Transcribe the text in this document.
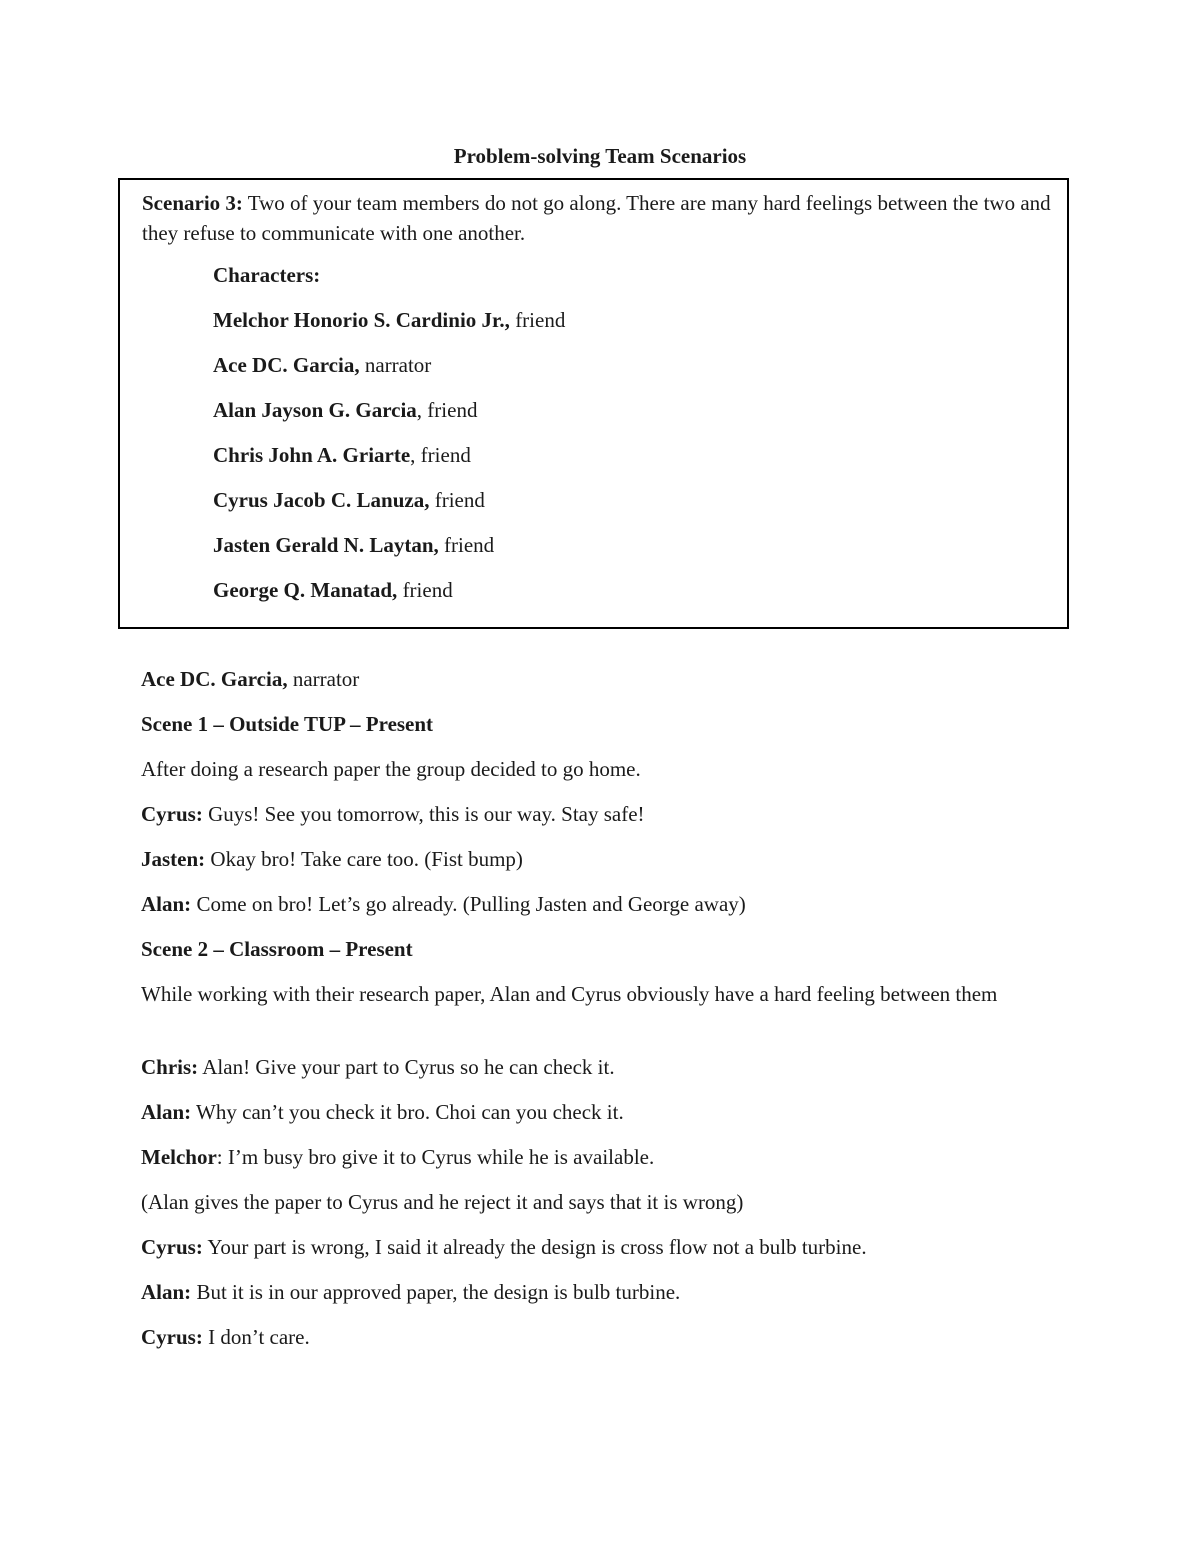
Problem-solving Team Scenarios
Scenario 3: Two of your team members do not go along. There are many hard feelings between the two and they refuse to communicate with one another.
Characters:
Melchor Honorio S. Cardinio Jr., friend
Ace DC. Garcia, narrator
Alan Jayson G. Garcia, friend
Chris John A. Griarte, friend
Cyrus Jacob C. Lanuza, friend
Jasten Gerald N. Laytan, friend
George Q. Manatad, friend
Ace DC. Garcia, narrator
Scene 1 – Outside TUP – Present
After doing a research paper the group decided to go home.
Cyrus: Guys! See you tomorrow, this is our way. Stay safe!
Jasten: Okay bro! Take care too. (Fist bump)
Alan: Come on bro! Let’s go already. (Pulling Jasten and George away)
Scene 2 – Classroom – Present
While working with their research paper, Alan and Cyrus obviously have a hard feeling between them
Chris: Alan! Give your part to Cyrus so he can check it.
Alan: Why can’t you check it bro. Choi can you check it.
Melchor: I’m busy bro give it to Cyrus while he is available.
(Alan gives the paper to Cyrus and he reject it and says that it is wrong)
Cyrus: Your part is wrong, I said it already the design is cross flow not a bulb turbine.
Alan: But it is in our approved paper, the design is bulb turbine.
Cyrus: I don’t care.
